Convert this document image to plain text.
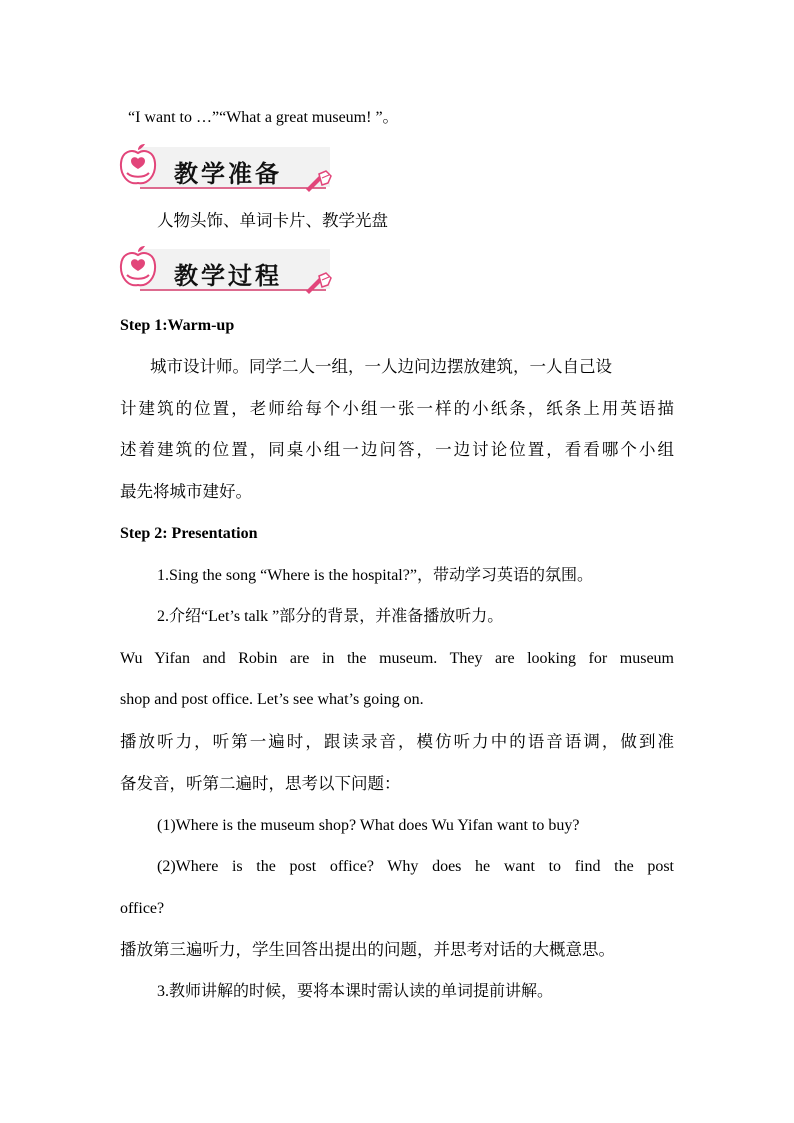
“I want to …”“What a great museum! ”。
教学准备
人物头饰、单词卡片、教学光盘
教学过程
Step 1:Warm-up
城市设计师。同学二人一组，一人边问边摆放建筑，一人自己设
计建筑的位置，老师给每个小组一张一样的小纸条，纸条上用英语描
述着建筑的位置，同桌小组一边问答，一边讨论位置，看看哪个小组
最先将城市建好。
Step 2: Presentation
1.Sing the song “Where is the hospital?”，带动学习英语的氛围。
2.介绍“Let’s talk ”部分的背景，并准备播放听力。
Wu Yifan and Robin are in the museum. They are looking for museum
shop and post office. Let’s see what’s going on.
播放听力，听第一遍时，跟读录音，模仿听力中的语音语调，做到准
备发音，听第二遍时，思考以下问题：
(1)Where is the museum shop? What does Wu Yifan want to buy?
(2)Where is the post office? Why does he want to find the post
office?
播放第三遍听力，学生回答出提出的问题，并思考对话的大概意思。
3.教师讲解的时候，要将本课时需认读的单词提前讲解。
